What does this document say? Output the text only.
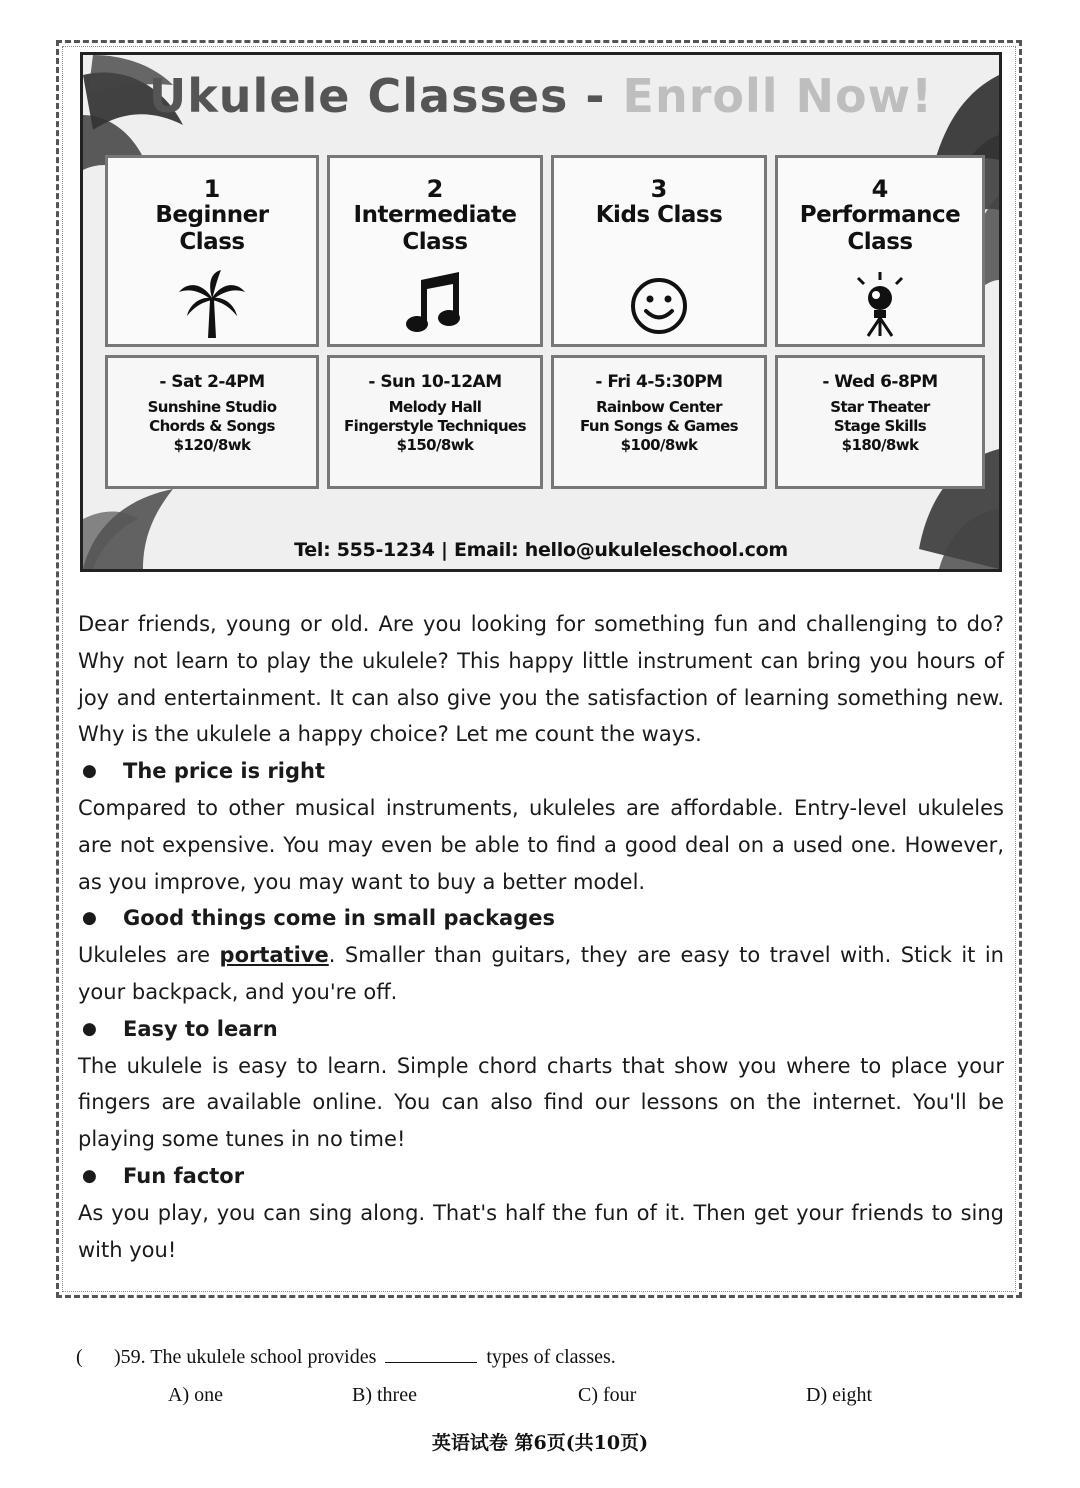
Ukulele Classes - Enroll Now!
1
Beginner
Class
2
Intermediate
Class
3
Kids Class
4
Performance
Class
- Sat 2-4PM
Sunshine Studio
Chords & Songs
$120/8wk
- Sun 10-12AM
Melody Hall
Fingerstyle Techniques
$150/8wk
- Fri 4-5:30PM
Rainbow Center
Fun Songs & Games
$100/8wk
- Wed 6-8PM
Star Theater
Stage Skills
$180/8wk
Tel: 555-1234 | Email: hello@ukuleleschool.com

Dear friends, young or old. Are you looking for something fun and challenging to do? Why not learn to play the ukulele? This happy little instrument can bring you hours of joy and entertainment. It can also give you the satisfaction of learning something new. Why is the ukulele a happy choice? Let me count the ways.

● The price is right

Compared to other musical instruments, ukuleles are affordable. Entry-level ukuleles are not expensive. You may even be able to find a good deal on a used one. However, as you improve, you may want to buy a better model.

● Good things come in small packages

Ukuleles are portative. Smaller than guitars, they are easy to travel with. Stick it in your backpack, and you're off.

● Easy to learn

The ukulele is easy to learn. Simple chord charts that show you where to place your fingers are available online. You can also find our lessons on the internet. You'll be playing some tunes in no time!

● Fun factor

As you play, you can sing along. That's half the fun of it. Then get your friends to sing with you!

( )59. The ukulele school provides	types of classes.
A) one	B) three	C) four	D) eight
英语试卷 第6页(共10页)
